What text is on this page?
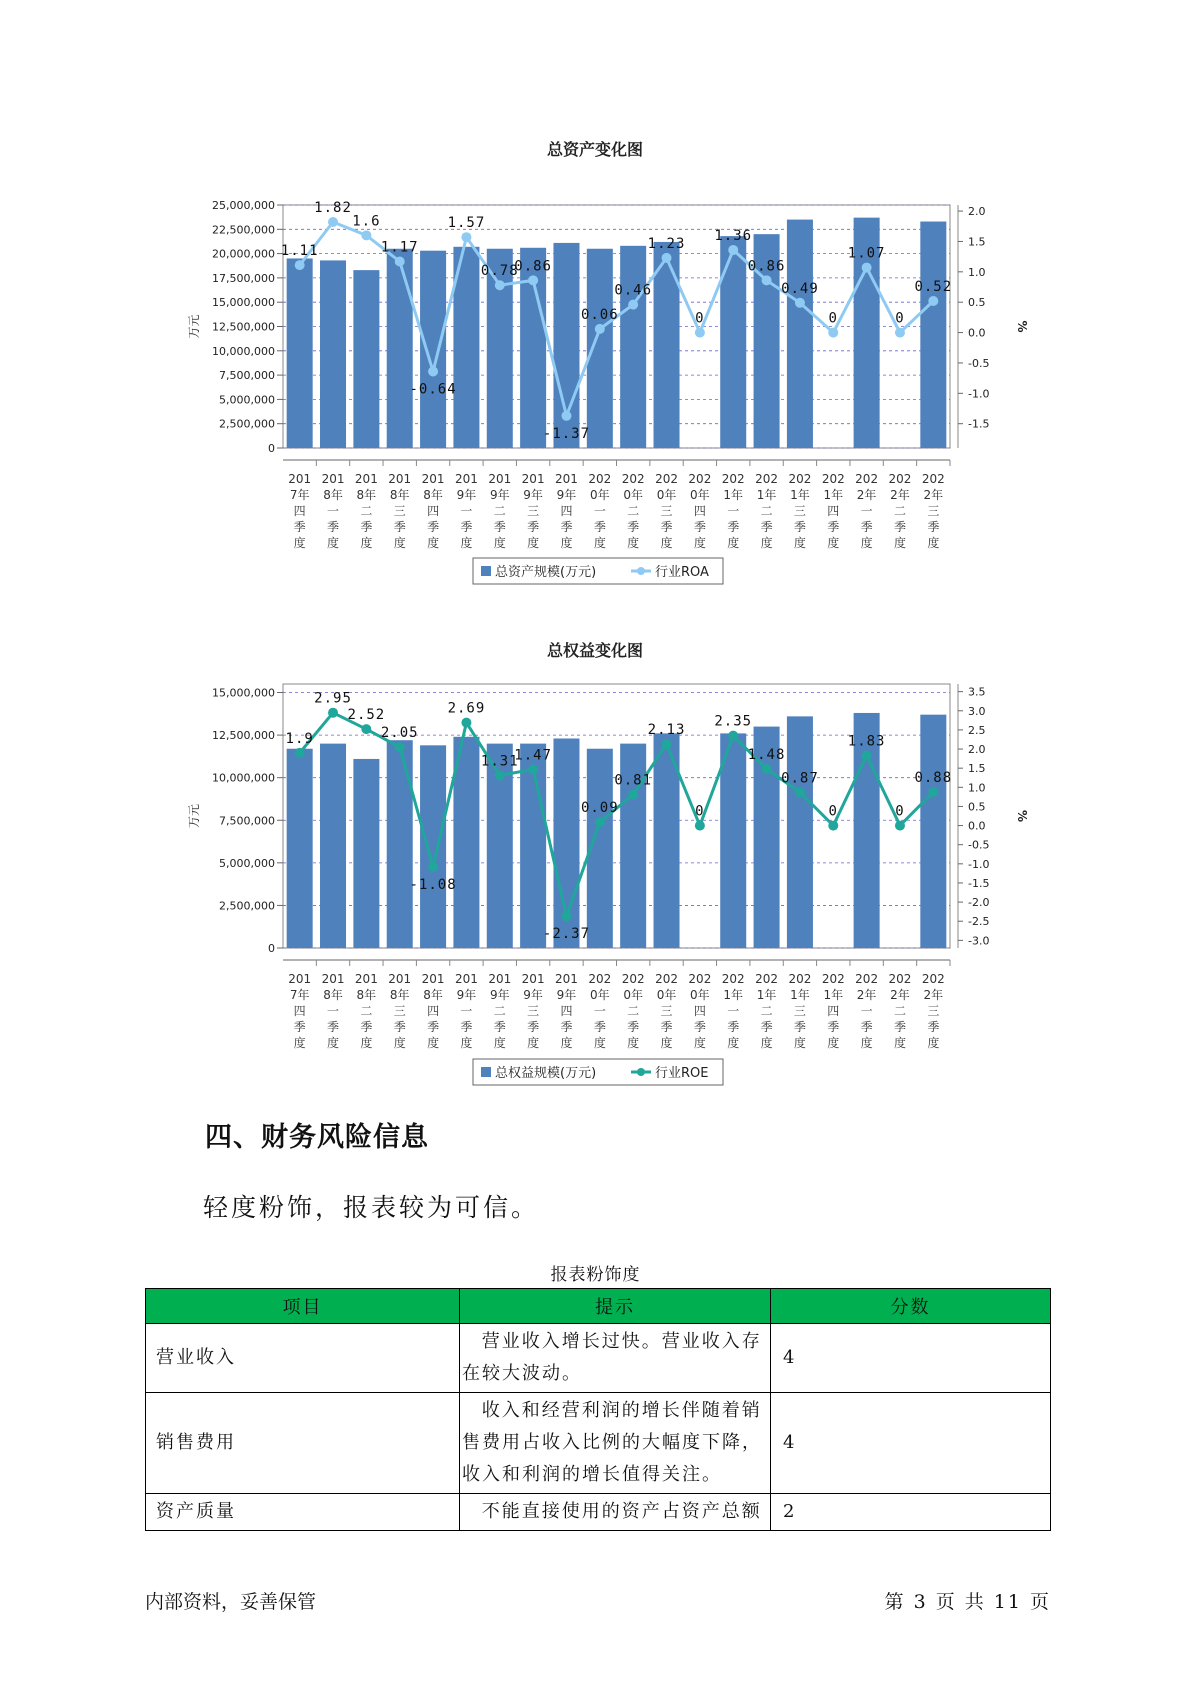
总资产变化图
0
2,500,000
5,000,000
7,500,000
10,000,000
12,500,000
15,000,000
17,500,000
20,000,000
22,500,000
25,000,000
万元
2.0
1.5
1.0
0.5
0.0
-0.5
-1.0
-1.5
%
201 7年四季度
201 8年一季度
201 8年二季度
201 8年三季度
201 8年四季度
201 9年一季度
201 9年二季度
201 9年三季度
201 9年四季度
202 0年一季度
202 0年二季度
202 0年三季度
202 0年四季度
202 1年一季度
202 1年二季度
202 1年三季度
202 1年四季度
202 2年一季度
202 2年二季度
202 2年三季度
1.11
1.82
1.6
1.17
-0.64
1.57
0.78
0.86
-1.37
0.06
0.46
1.23
0
1.36
0.86
0.49
0
1.07
0
0.52
总资产规模(万元)	行业ROA
总权益变化图
0
2,500,000
5,000,000
7,500,000
10,000,000
12,500,000
15,000,000
万元
3.5
3.0
2.5
2.0
1.5
1.0
0.5
0.0
-0.5
-1.0
-1.5
-2.0
-2.5
-3.0
%
201 7年四季度
201 8年一季度
201 8年二季度
201 8年三季度
201 8年四季度
201 9年一季度
201 9年二季度
201 9年三季度
201 9年四季度
202 0年一季度
202 0年二季度
202 0年三季度
202 0年四季度
202 1年一季度
202 1年二季度
202 1年三季度
202 1年四季度
202 2年一季度
202 2年二季度
202 2年三季度
1.9
2.95
2.52
2.05
-1.08
2.69
1.31
1.47
-2.37
0.09
0.81
2.13
0
2.35
1.48
0.87
0
1.83
0
0.88
总权益规模(万元)	行业ROE
四、财务风险信息
轻度粉饰，报表较为可信。
报表粉饰度
项目	提示	分数
营业收入	营业收入增长过快。营业收入存在较大波动。	4
销售费用	收入和经营利润的增长伴随着销售费用占收入比例的大幅度下降，收入和利润的增长值得关注。	4
资产质量	不能直接使用的资产占资产总额	2
内部资料，妥善保管	第 3 页 共 11 页
